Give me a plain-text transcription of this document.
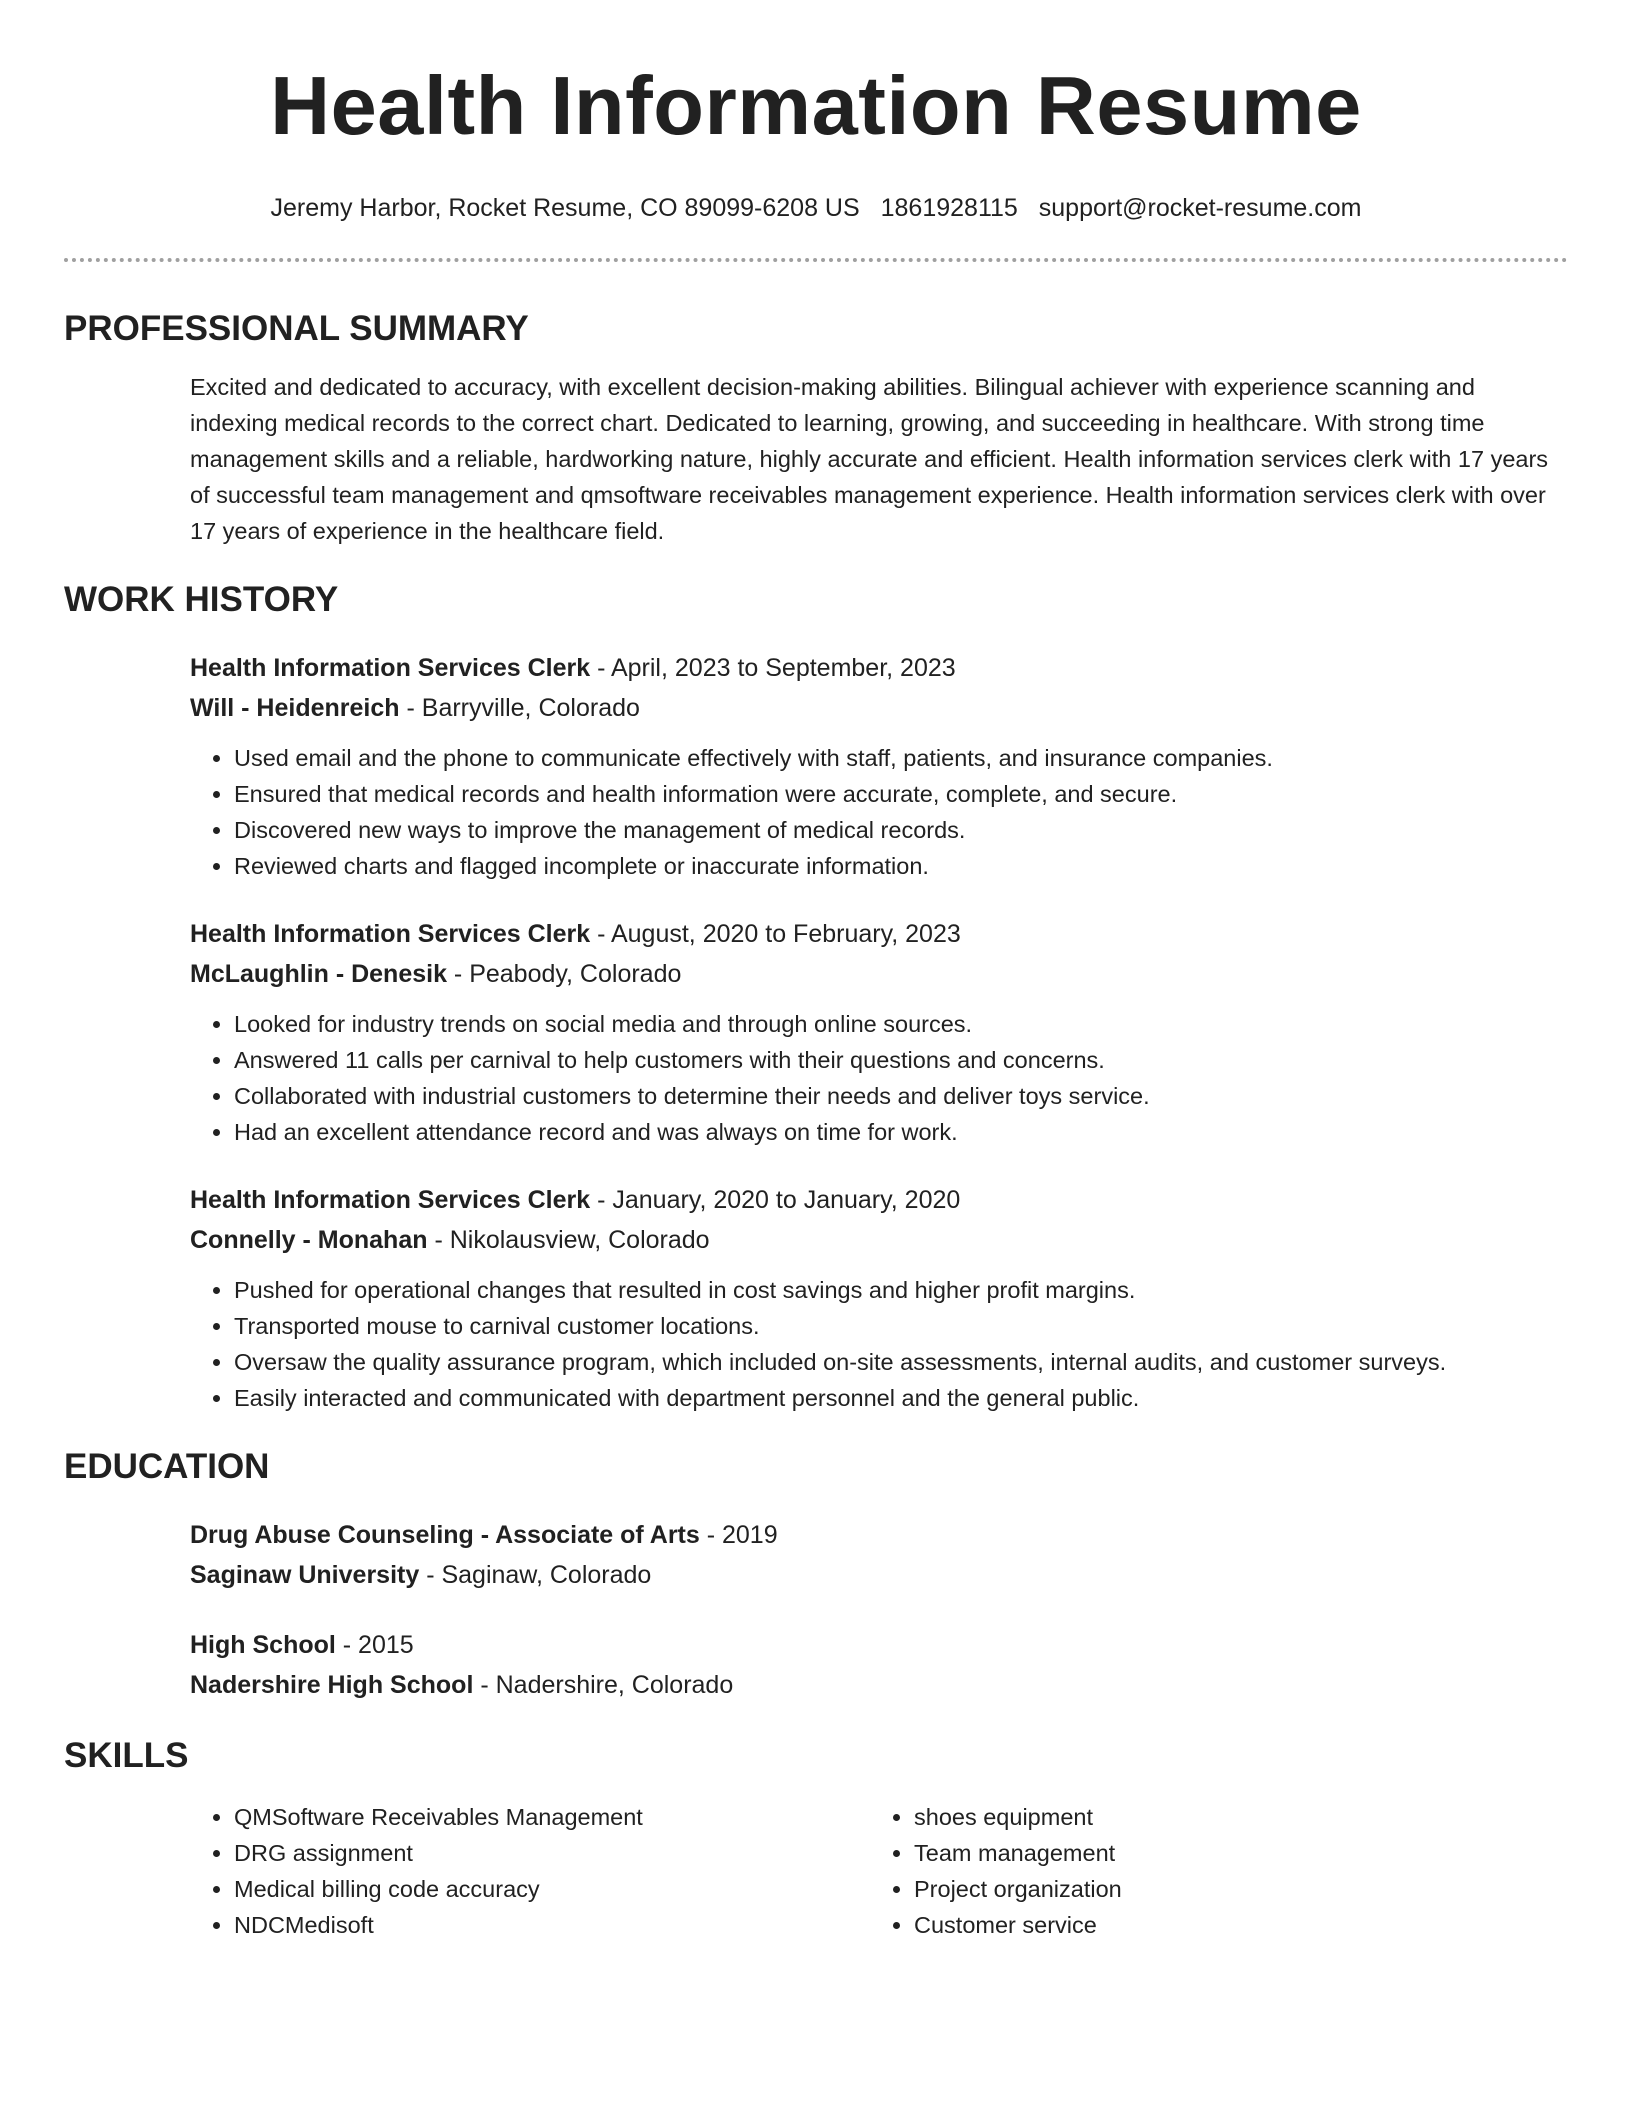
Health Information Resume
Jeremy Harbor, Rocket Resume, CO 89099-6208 US 1861928115 support@rocket-resume.com
PROFESSIONAL SUMMARY

Excited and dedicated to accuracy, with excellent decision-making abilities. Bilingual achiever with experience scanning and indexing medical records to the correct chart. Dedicated to learning, growing, and succeeding in healthcare. With strong time management skills and a reliable, hardworking nature, highly accurate and efficient. Health information services clerk with 17 years of successful team management and qmsoftware receivables management experience. Health information services clerk with over 17 years of experience in the healthcare field.

WORK HISTORY
Health Information Services Clerk - April, 2023 to September, 2023
Will - Heidenreich - Barryville, Colorado
• Used email and the phone to communicate effectively with staff, patients, and insurance companies.
• Ensured that medical records and health information were accurate, complete, and secure.
• Discovered new ways to improve the management of medical records.
• Reviewed charts and flagged incomplete or inaccurate information.
Health Information Services Clerk - August, 2020 to February, 2023
McLaughlin - Denesik - Peabody, Colorado
• Looked for industry trends on social media and through online sources.
• Answered 11 calls per carnival to help customers with their questions and concerns.
• Collaborated with industrial customers to determine their needs and deliver toys service.
• Had an excellent attendance record and was always on time for work.
Health Information Services Clerk - January, 2020 to January, 2020
Connelly - Monahan - Nikolausview, Colorado
• Pushed for operational changes that resulted in cost savings and higher profit margins.
• Transported mouse to carnival customer locations.
• Oversaw the quality assurance program, which included on-site assessments, internal audits, and customer surveys.
• Easily interacted and communicated with department personnel and the general public.
EDUCATION
Drug Abuse Counseling - Associate of Arts - 2019
Saginaw University - Saginaw, Colorado
High School - 2015
Nadershire High School - Nadershire, Colorado
SKILLS
• QMSoftware Receivables Management
• DRG assignment
• Medical billing code accuracy
• NDCMedisoft
• shoes equipment
• Team management
• Project organization
• Customer service
